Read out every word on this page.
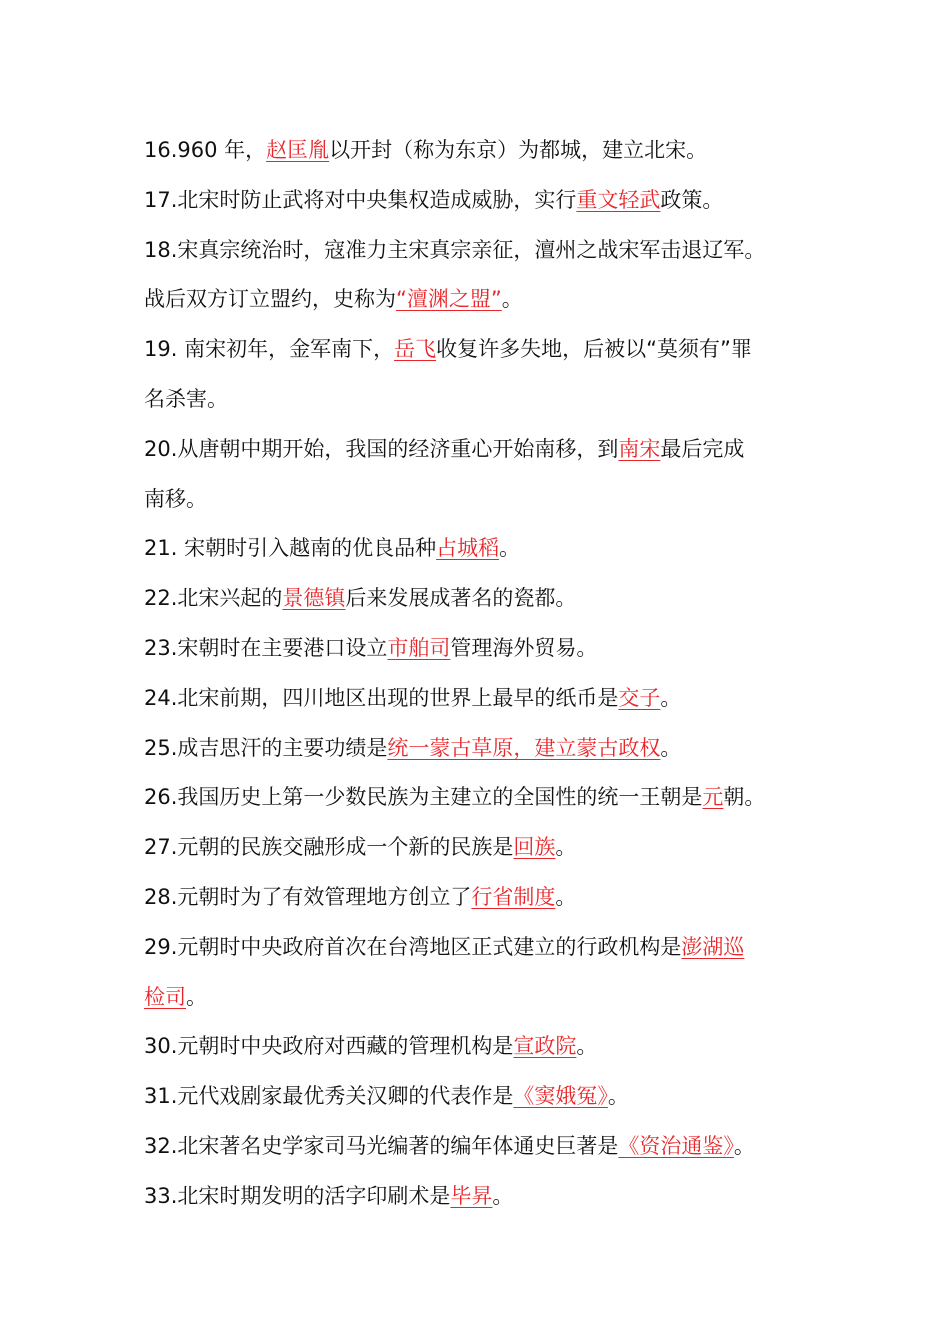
16.960 年，赵匡胤以开封（称为东京）为都城，建立北宋。
17.北宋时防止武将对中央集权造成威胁，实行重文轻武政策。
18.宋真宗统治时，寇准力主宋真宗亲征，澶州之战宋军击退辽军。
战后双方订立盟约，史称为“澶渊之盟”。
19. 南宋初年，金军南下，岳飞收复许多失地，后被以“莫须有”罪
名杀害。
20.从唐朝中期开始，我国的经济重心开始南移，到南宋最后完成
南移。
21. 宋朝时引入越南的优良品种占城稻。
22.北宋兴起的景德镇后来发展成著名的瓷都。
23.宋朝时在主要港口设立市舶司管理海外贸易。
24.北宋前期，四川地区出现的世界上最早的纸币是交子。
25.成吉思汗的主要功绩是统一蒙古草原，建立蒙古政权。
26.我国历史上第一少数民族为主建立的全国性的统一王朝是元朝。
27.元朝的民族交融形成一个新的民族是回族。
28.元朝时为了有效管理地方创立了行省制度。
29.元朝时中央政府首次在台湾地区正式建立的行政机构是澎湖巡
检司。
30.元朝时中央政府对西藏的管理机构是宣政院。
31.元代戏剧家最优秀关汉卿的代表作是《窦娥冤》。
32.北宋著名史学家司马光编著的编年体通史巨著是《资治通鉴》。
33.北宋时期发明的活字印刷术是毕昇。
